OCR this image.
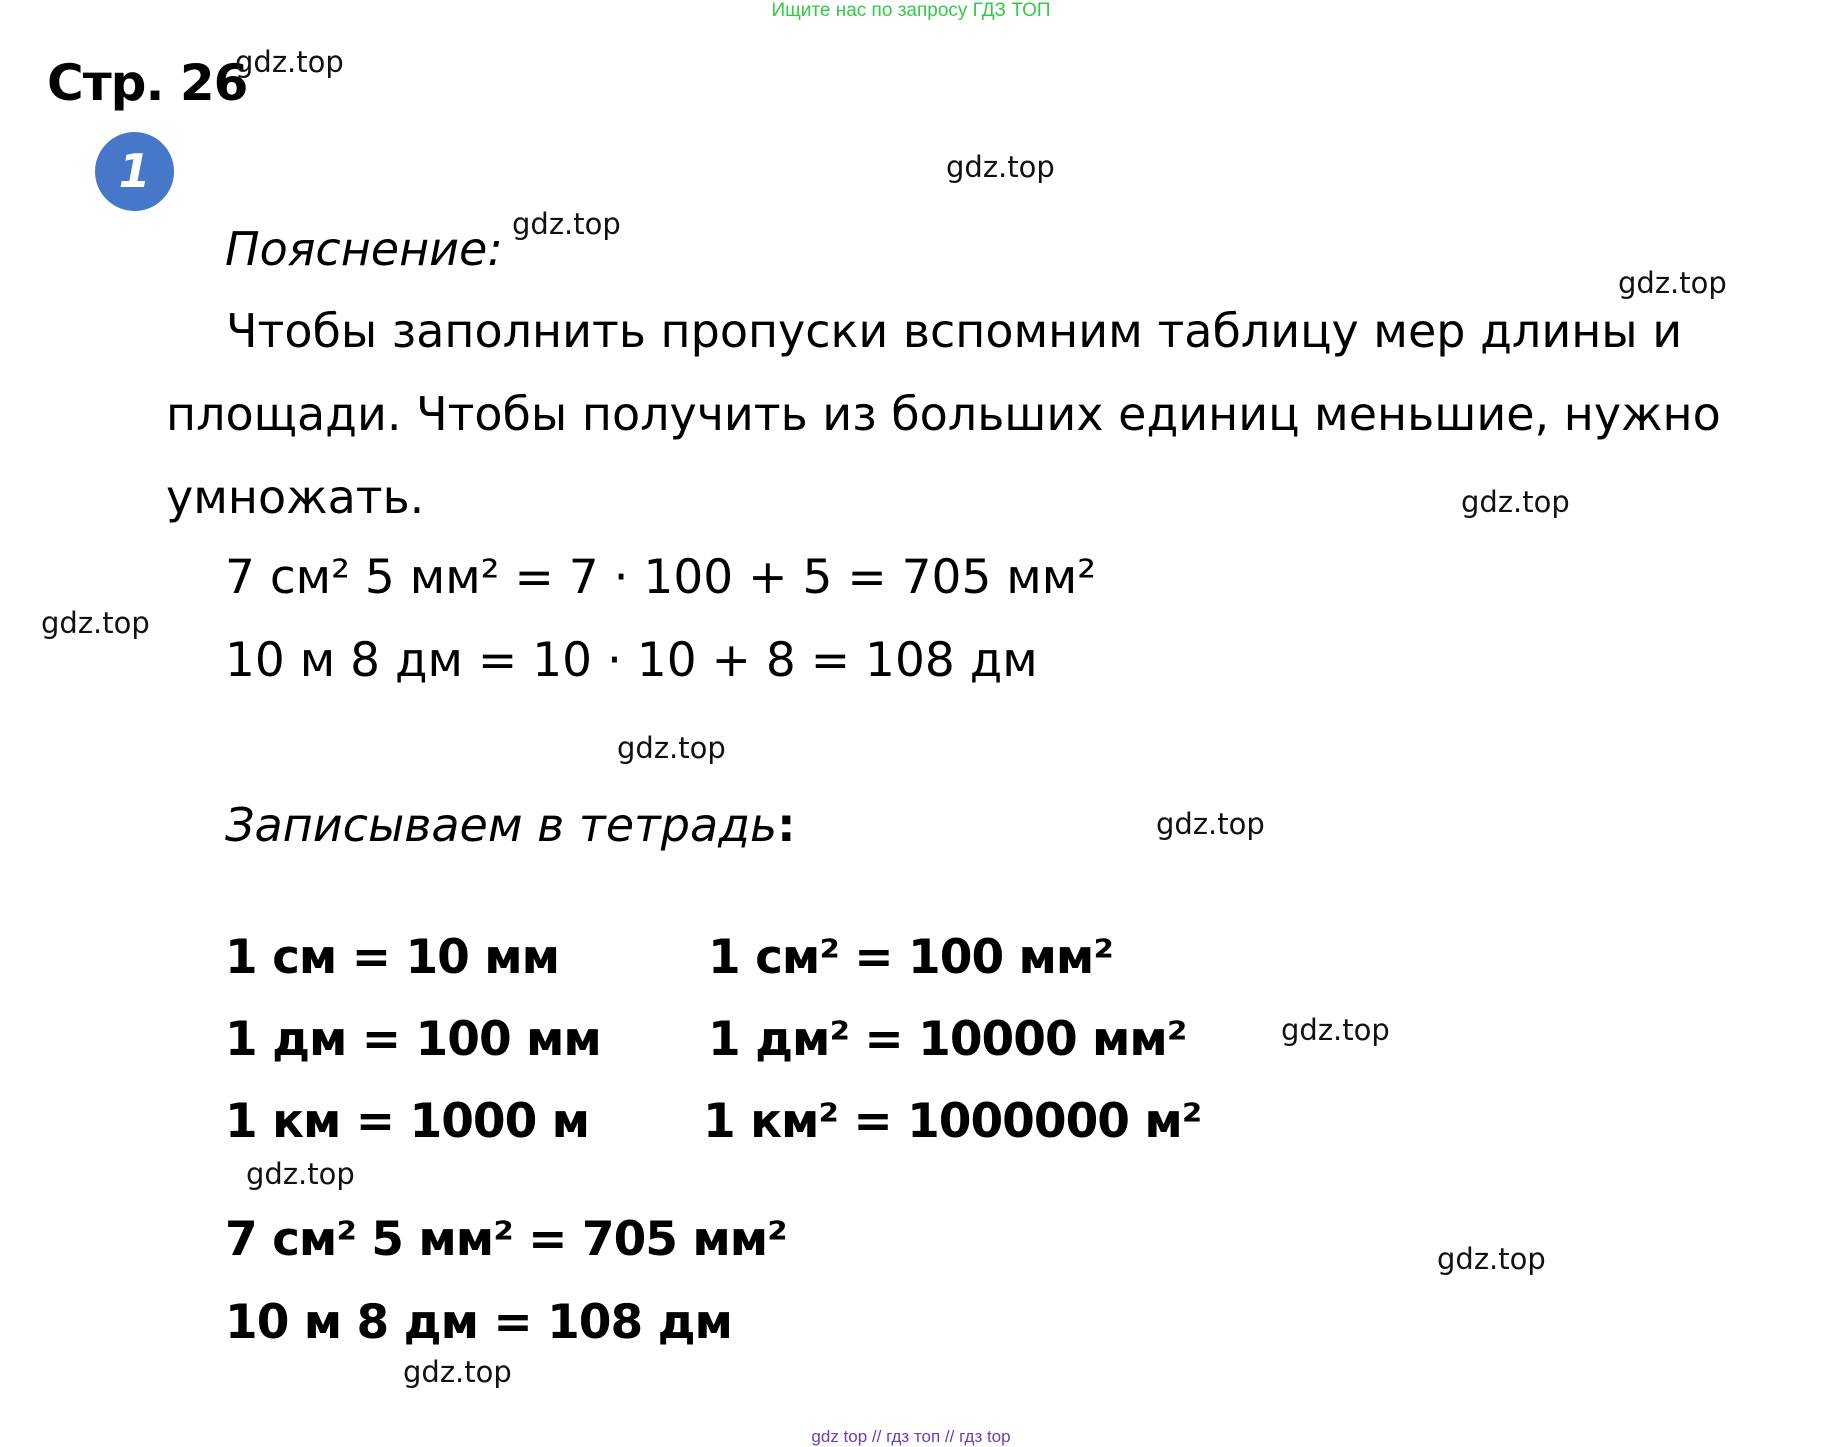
Ищите нас по запросу ГДЗ ТОП
Стр. 26
1
gdz.top
gdz.top
gdz.top
gdz.top
gdz.top
gdz.top
gdz.top
gdz.top
gdz.top
gdz.top
gdz.top
gdz.top
Пояснение:
Чтобы заполнить пропуски вспомним таблицу мер длины и
площади. Чтобы получить из больших единиц меньшие, нужно
умножать.
7 см² 5 мм² = 7 · 100 + 5 = 705 мм²
10 м 8 дм = 10 · 10 + 8 = 108 дм
Записываем в тетрадь:
1 см = 10 мм
1 дм = 100 мм
1 км = 1000 м
1 см² = 100 мм²
1 дм² = 10000 мм²
1 км² = 1000000 м²
7 см² 5 мм² = 705 мм²
10 м 8 дм = 108 дм
gdz top // гдз топ // гдз top
